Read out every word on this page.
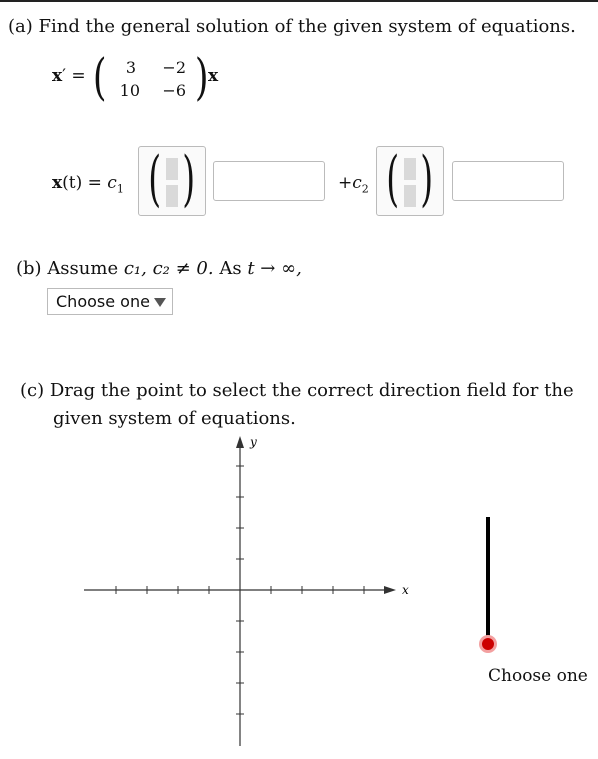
(a) Find the general solution of the given system of equations.
x′ = (	3	−2
10	−6 ) x
$x(t) = c_1$ ( )	$+c_2$ ( )
(b) Assume c₁, c₂ ≠ 0. As t → ∞,
Choose one
(c) Drag the point to select the correct direction field for the
given system of equations.
x
y
Choose one
